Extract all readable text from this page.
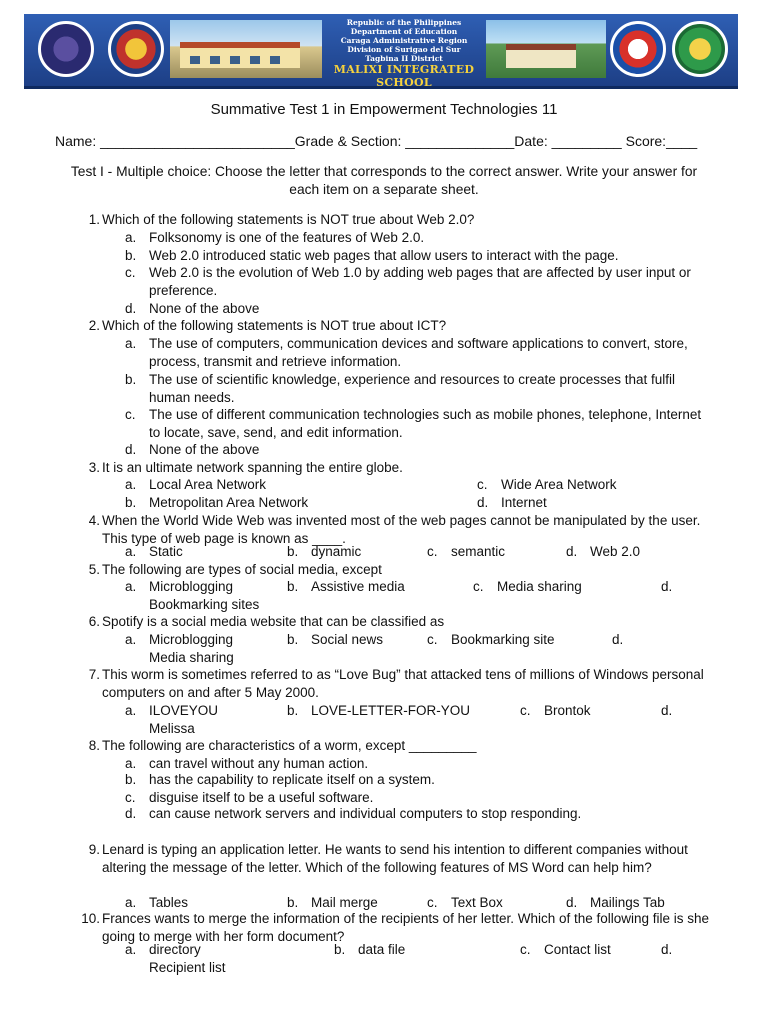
Republic of the Philippines
Department of Education
Caraga Administrative Region
Division of Surigao del Sur
Tagbina II District
MALIXI INTEGRATED SCHOOL
School I.D. -500582
Summative Test 1 in Empowerment Technologies 11
Name: _________________________Grade & Section: ______________Date: _________ Score:____
Test I - Multiple choice: Choose the letter that corresponds to the correct answer. Write your answer for each item on a separate sheet.
1. Which of the following statements is NOT true about Web 2.0?
a. Folksonomy is one of the features of Web 2.0.
b. Web 2.0 introduced static web pages that allow users to interact with the page.
c. Web 2.0 is the evolution of Web 1.0 by adding web pages that are affected by user input or preference.
d. None of the above
2. Which of the following statements is NOT true about ICT?
a. The use of computers, communication devices and software applications to convert, store, process, transmit and retrieve information.
b. The use of scientific knowledge, experience and resources to create processes that fulfil human needs.
c. The use of different communication technologies such as mobile phones, telephone, Internet to locate, save, send, and edit information.
d. None of the above
3. It is an ultimate network spanning the entire globe.
a. Local Area Network	c. Wide Area Network
b. Metropolitan Area Network	d. Internet
4. When the World Wide Web was invented most of the web pages cannot be manipulated by the user. This type of web page is known as ____.
a. Static	b. dynamic	c. semantic	d. Web 2.0
5. The following are types of social media, except
a. Microblogging	b. Assistive media	c. Media sharing	d.
Bookmarking sites
6. Spotify is a social media website that can be classified as
a. Microblogging	b. Social news	c. Bookmarking site	d.
Media sharing
7. This worm is sometimes referred to as “Love Bug” that attacked tens of millions of Windows personal computers on and after 5 May 2000.
a. ILOVEYOU	b. LOVE-LETTER-FOR-YOU	c. Brontok	d.
Melissa
8. The following are characteristics of a worm, except _________
a. can travel without any human action.
b. has the capability to replicate itself on a system.
c. disguise itself to be a useful software.
d. can cause network servers and individual computers to stop responding.
9. Lenard is typing an application letter. He wants to send his intention to different companies without altering the message of the letter. Which of the following features of MS Word can help him?
a. Tables	b. Mail merge	c. Text Box	d. Mailings Tab
10. Frances wants to merge the information of the recipients of her letter. Which of the following file is she going to merge with her form document?
a. directory	b. data file	c. Contact list	d.
Recipient list
